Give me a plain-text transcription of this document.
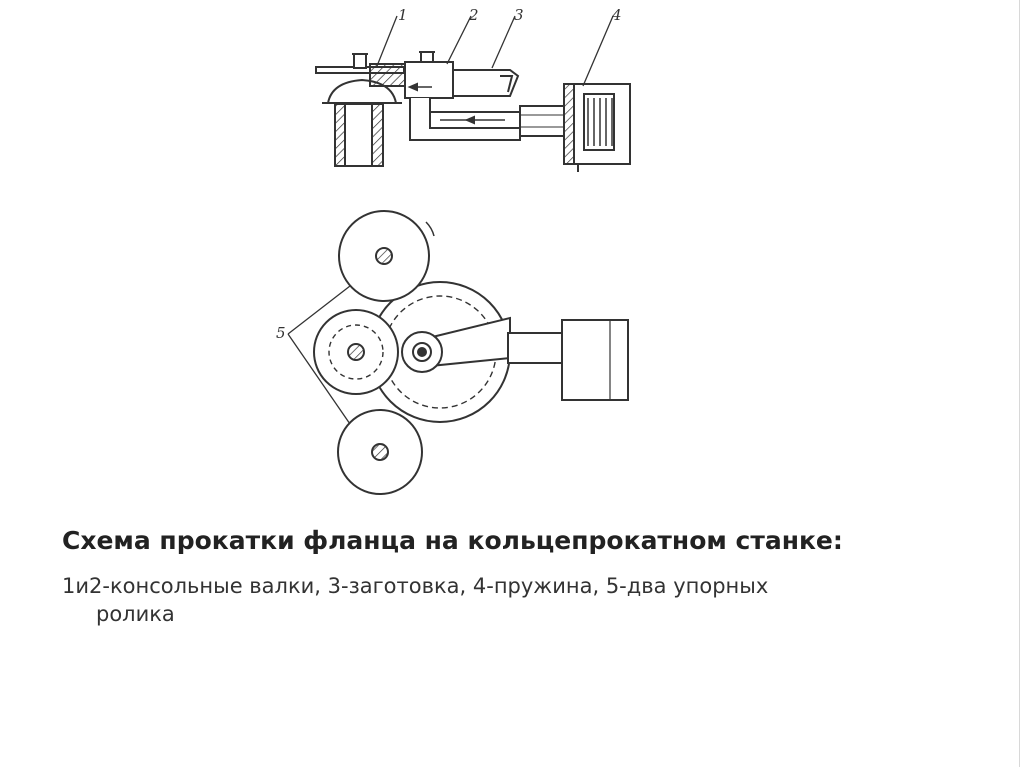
1	2 3	4
5
Схема прокатки фланца на кольцепрокатном станке:
1и2-консольные валки, 3-заготовка, 4-пружина, 5-два упорных
ролика
